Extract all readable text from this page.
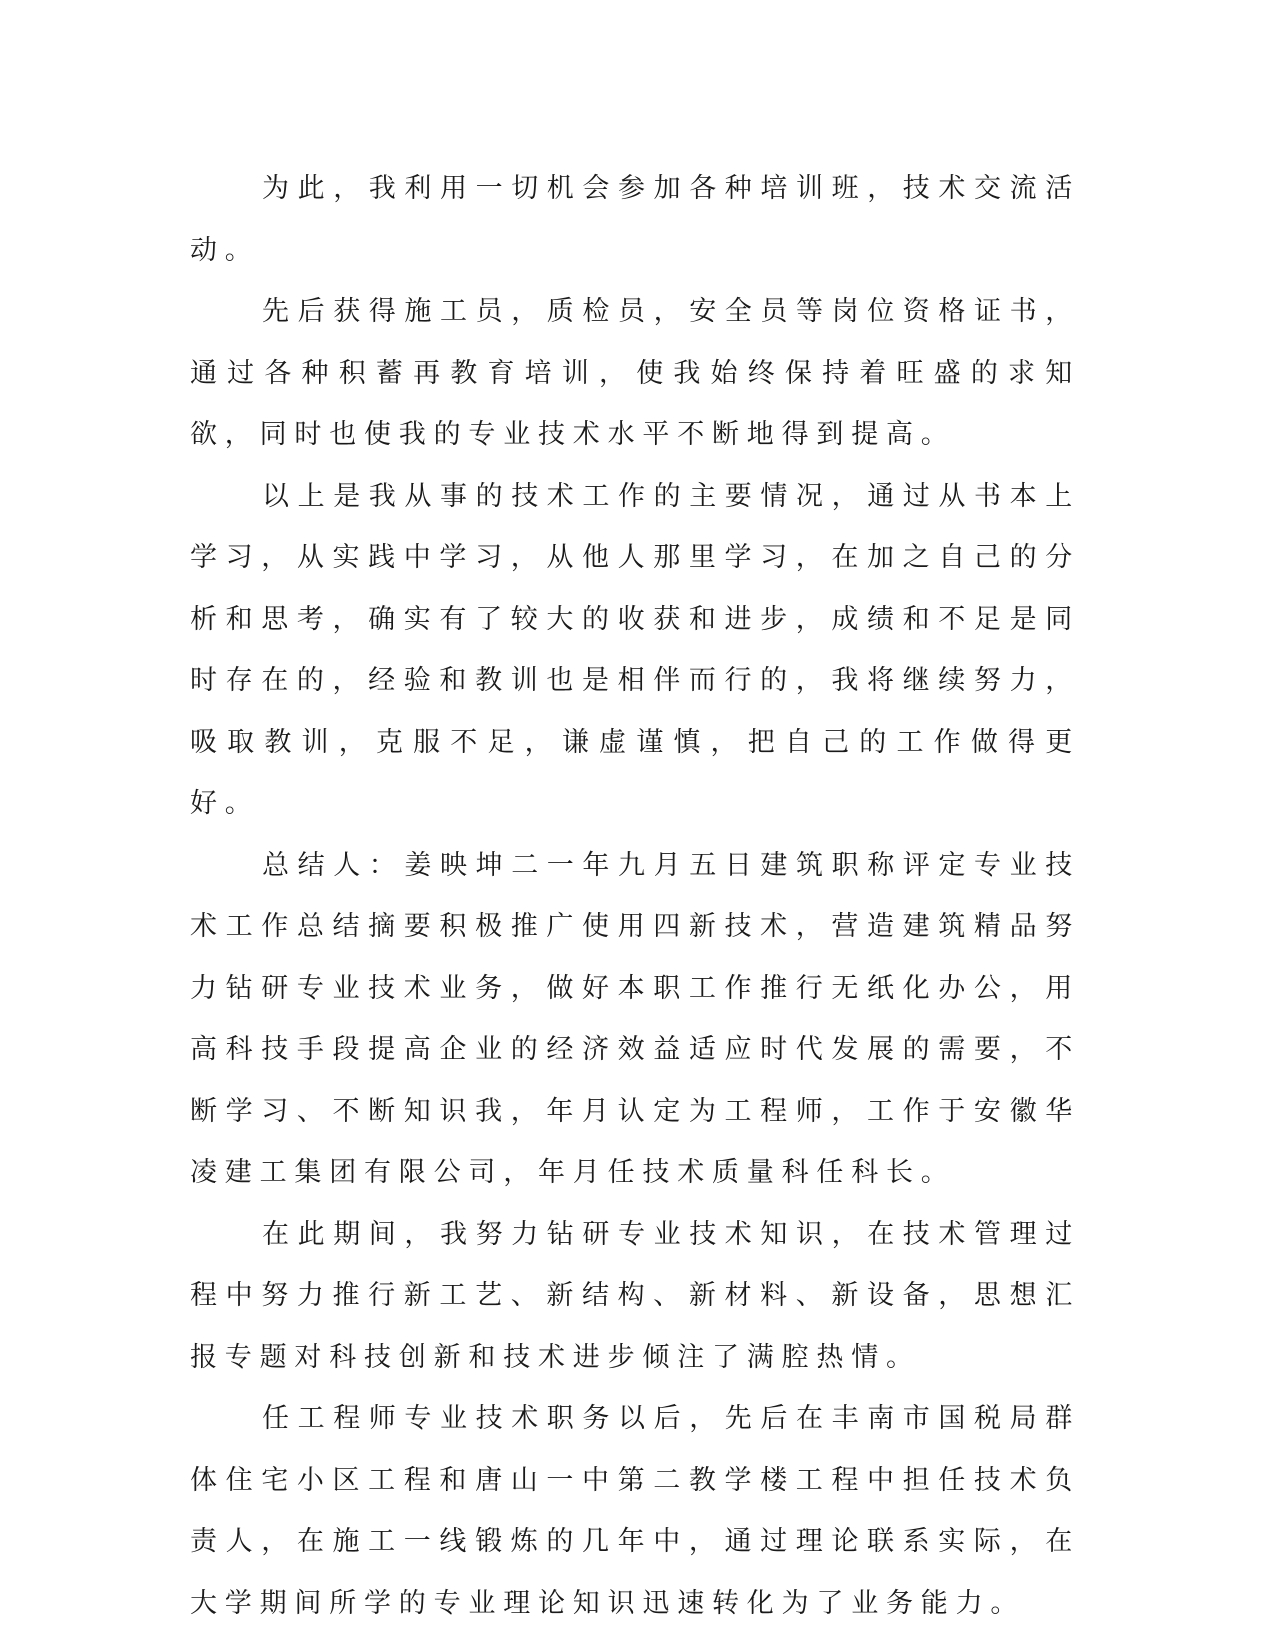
为此，我利用一切机会参加各种培训班，技术交流活动。

先后获得施工员，质检员，安全员等岗位资格证书，通过各种积蓄再教育培训，使我始终保持着旺盛的求知欲，同时也使我的专业技术水平不断地得到提高。

以上是我从事的技术工作的主要情况，通过从书本上学习，从实践中学习，从他人那里学习，在加之自己的分析和思考，确实有了较大的收获和进步，成绩和不足是同时存在的，经验和教训也是相伴而行的，我将继续努力，吸取教训，克服不足，谦虚谨慎，把自己的工作做得更好。

总结人：姜映坤二一年九月五日建筑职称评定专业技术工作总结摘要积极推广使用四新技术，营造建筑精品努力钻研专业技术业务，做好本职工作推行无纸化办公，用高科技手段提高企业的经济效益适应时代发展的需要，不断学习、不断知识我，年月认定为工程师，工作于安徽华凌建工集团有限公司，年月任技术质量科任科长。

在此期间，我努力钻研专业技术知识，在技术管理过程中努力推行新工艺、新结构、新材料、新设备，思想汇报专题对科技创新和技术进步倾注了满腔热情。

任工程师专业技术职务以后，先后在丰南市国税局群体住宅小区工程和唐山一中第二教学楼工程中担任技术负责人，在施工一线锻炼的几年中，通过理论联系实际，在大学期间所学的专业理论知识迅速转化为了业务能力。
